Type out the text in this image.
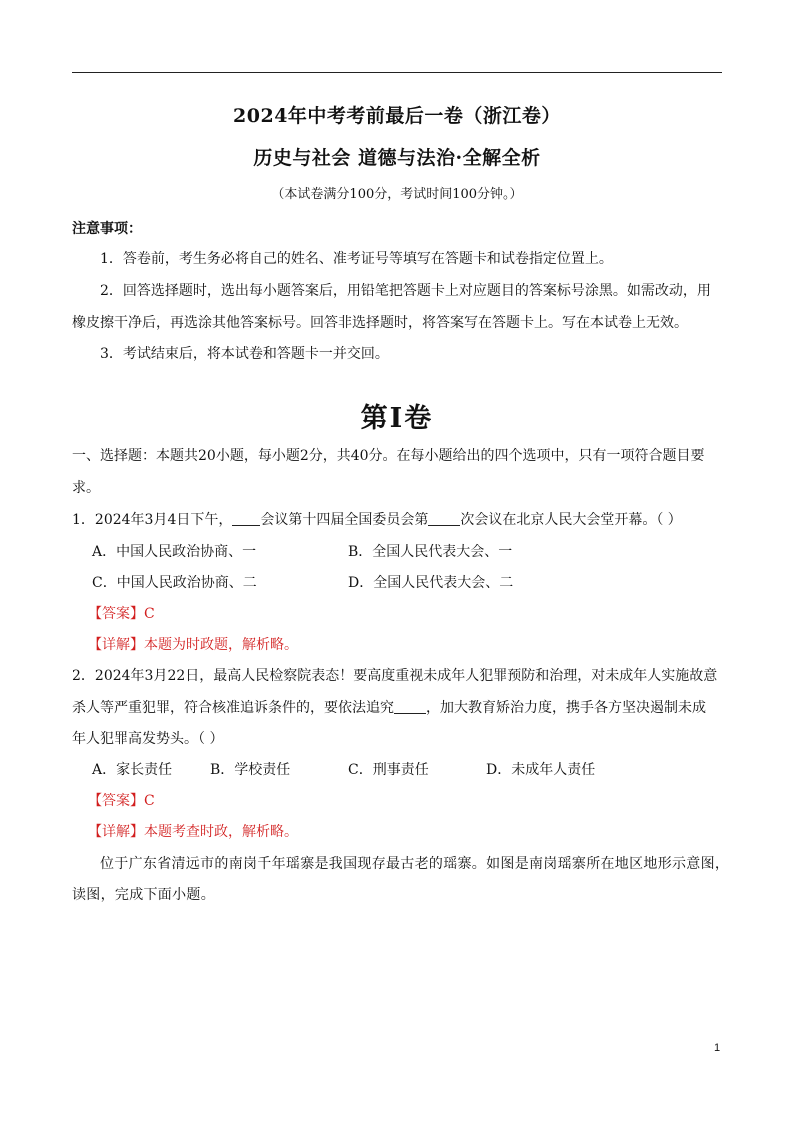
2024年中考考前最后一卷（浙江卷）

历史与社会 道德与法治·全解全析

（本试卷满分100分，考试时间100分钟。）

注意事项：

1．答卷前，考生务必将自己的姓名、准考证号等填写在答题卡和试卷指定位置上。

2．回答选择题时，选出每小题答案后，用铅笔把答题卡上对应题目的答案标号涂黑。如需改动，用

橡皮擦干净后，再选涂其他答案标号。回答非选择题时，将答案写在答题卡上。写在本试卷上无效。

3．考试结束后，将本试卷和答题卡一并交回。

第Ⅰ卷

一、选择题：本题共20小题，每小题2分，共40分。在每小题给出的四个选项中，只有一项符合题目要

求。

1．2024年3月4日下午， 会议第十四届全国委员会第 次会议在北京人民大会堂开幕。（ ）

A．中国人民政治协商、一	B．全国人民代表大会、一

C．中国人民政治协商、二	D．全国人民代表大会、二

【答案】C

【详解】本题为时政题，解析略。

2．2024年3月22日，最高人民检察院表态！要高度重视未成年人犯罪预防和治理，对未成年人实施故意

杀人等严重犯罪，符合核准追诉条件的，要依法追究 ，加大教育矫治力度，携手各方坚决遏制未成

年人犯罪高发势头。（ ）

A．家长责任	B．学校责任	C．刑事责任	D．未成年人责任

【答案】C

【详解】本题考查时政，解析略。

位于广东省清远市的南岗千年瑶寨是我国现存最古老的瑶寨。如图是南岗瑶寨所在地区地形示意图，

读图，完成下面小题。

1
